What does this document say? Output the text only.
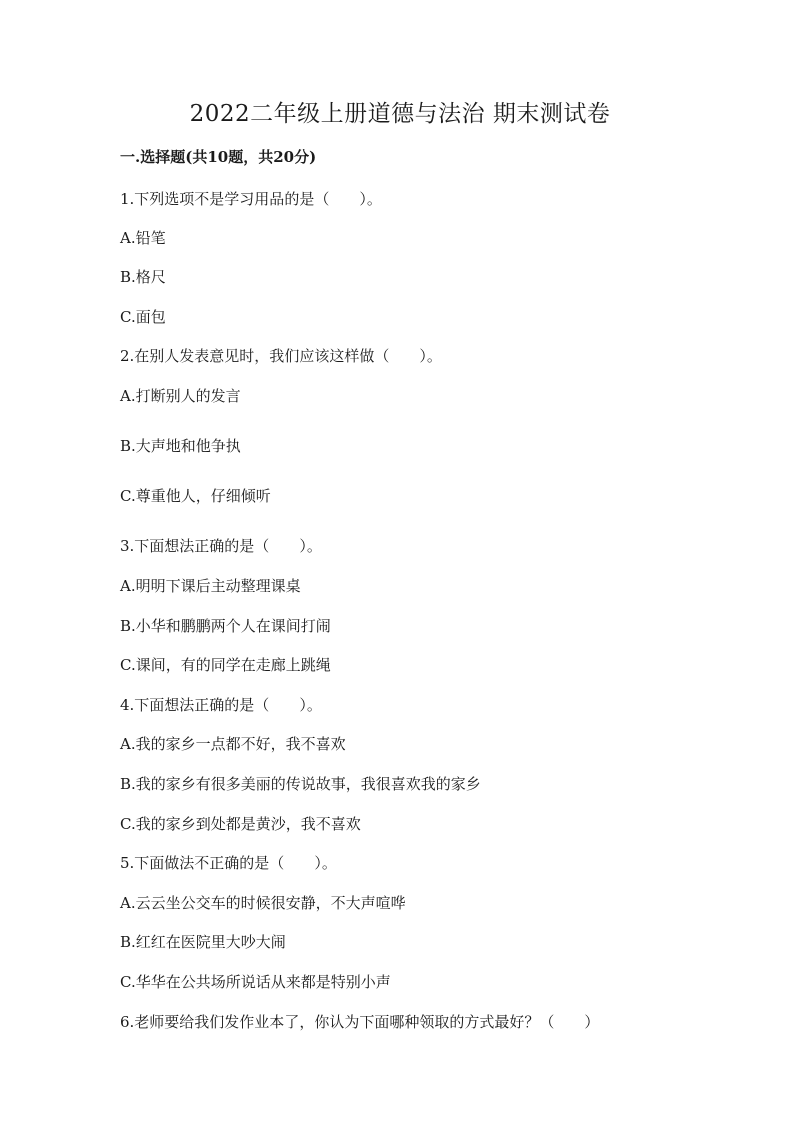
2022二年级上册道德与法治 期末测试卷
一.选择题(共10题，共20分)
1.下列选项不是学习用品的是（　　）。
A.铅笔
B.格尺
C.面包
2.在别人发表意见时，我们应该这样做（　　）。
A.打断别人的发言
B.大声地和他争执
C.尊重他人，仔细倾听
3.下面想法正确的是（　　）。
A.明明下课后主动整理课桌
B.小华和鹏鹏两个人在课间打闹
C.课间，有的同学在走廊上跳绳
4.下面想法正确的是（　　）。
A.我的家乡一点都不好，我不喜欢
B.我的家乡有很多美丽的传说故事，我很喜欢我的家乡
C.我的家乡到处都是黄沙，我不喜欢
5.下面做法不正确的是（　　）。
A.云云坐公交车的时候很安静，不大声喧哗
B.红红在医院里大吵大闹
C.华华在公共场所说话从来都是特别小声
6.老师要给我们发作业本了，你认为下面哪种领取的方式最好？（　　）
